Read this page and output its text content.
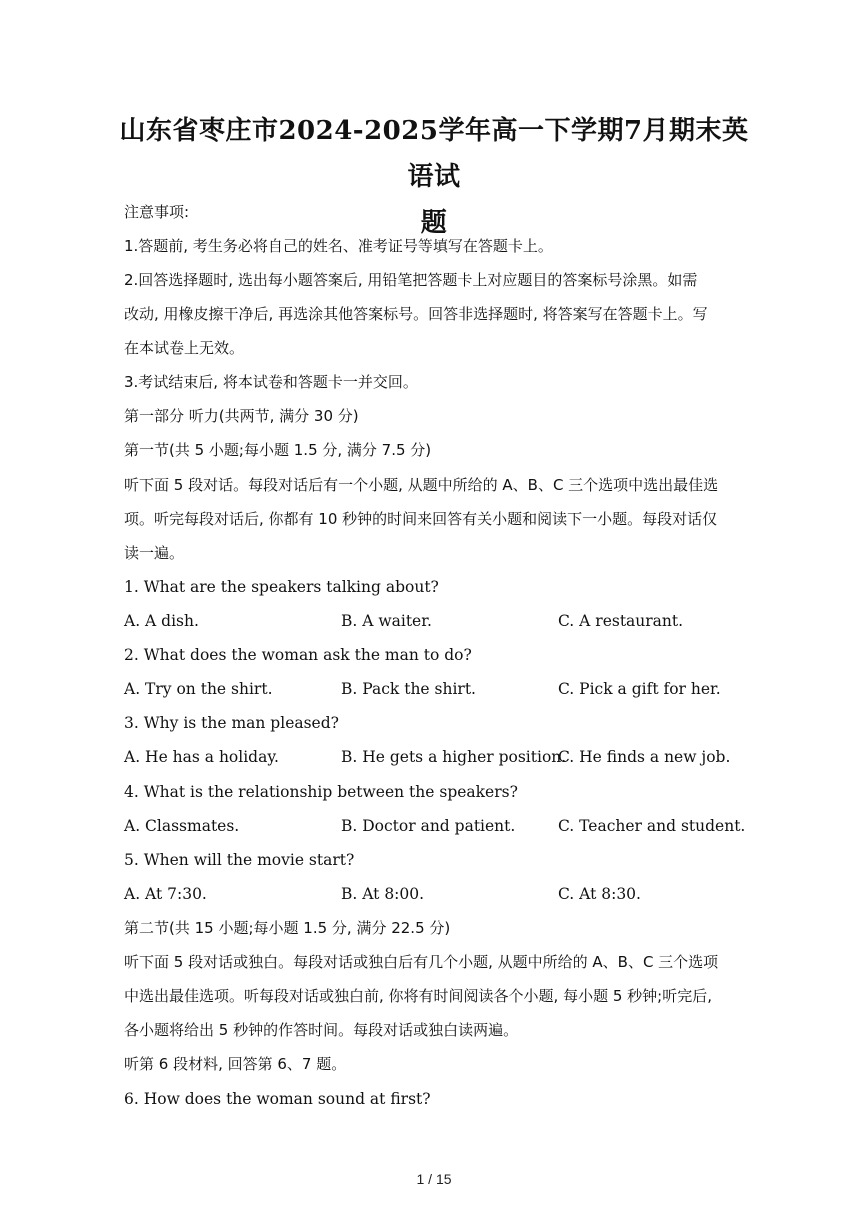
山东省枣庄市2024-2025学年高一下学期7月期末英语试
题
注意事项:
1.答题前, 考生务必将自己的姓名、准考证号等填写在答题卡上。
2.回答选择题时, 选出每小题答案后, 用铅笔把答题卡上对应题目的答案标号涂黑。如需
改动, 用橡皮擦干净后, 再选涂其他答案标号。回答非选择题时, 将答案写在答题卡上。写
在本试卷上无效。
3.考试结束后, 将本试卷和答题卡一并交回。
第一部分 听力(共两节, 满分 30 分)
第一节(共 5 小题;每小题 1.5 分, 满分 7.5 分)
听下面 5 段对话。每段对话后有一个小题, 从题中所给的 A、B、C 三个选项中选出最佳选
项。听完每段对话后, 你都有 10 秒钟的时间来回答有关小题和阅读下一小题。每段对话仅
读一遍。
1. What are the speakers talking about?
A. A dish.	B. A waiter.	C. A restaurant.
2. What does the woman ask the man to do?
A. Try on the shirt.	B. Pack the shirt.	C. Pick a gift for her.
3. Why is the man pleased?
A. He has a holiday.	B. He gets a higher position.
C. He finds a new job.
4. What is the relationship between the speakers?
A. Classmates.	B. Doctor and patient.	C. Teacher and student.
5. When will the movie start?
A. At 7:30.	B. At 8:00.	C. At 8:30.
第二节(共 15 小题;每小题 1.5 分, 满分 22.5 分)
听下面 5 段对话或独白。每段对话或独白后有几个小题, 从题中所给的 A、B、C 三个选项
中选出最佳选项。听每段对话或独白前, 你将有时间阅读各个小题, 每小题 5 秒钟;听完后,
各小题将给出 5 秒钟的作答时间。每段对话或独白读两遍。
听第 6 段材料, 回答第 6、7 题。
6. How does the woman sound at first?
1 / 15
